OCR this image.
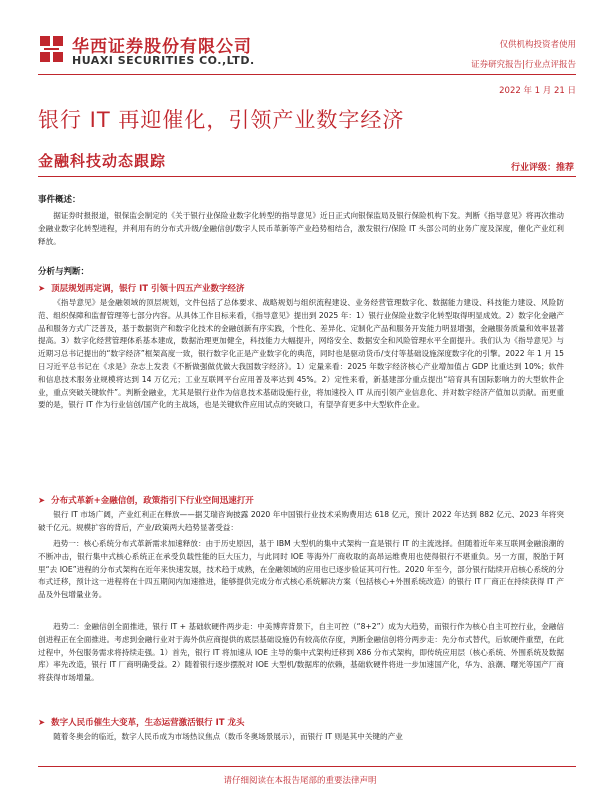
华西证券股份有限公司
HUAXI SECURITIES CO.,LTD.
仅供机构投资者使用
证券研究报告|行业点评报告
2022 年 1 月 21 日
银行 IT 再迎催化，引领产业数字经济
金融科技动态跟踪	行业评级：推荐
事件概述：
据证券时报报道，银保监会制定的《关于银行业保险业数字化转型的指导意见》近日正式向银保监局及银行保险机构下发。判断《指导意见》将再次推动金融业数字化转型进程，并利用有的分布式升级/金融信创/数字人民币革新等产业趋势相结合，激发银行/保险 IT 头部公司的业务广度及深度，催化产业红利释放。
分析与判断：
➤ 顶层规划再定调，银行 IT 引领十四五产业数字经济
《指导意见》是金融领域的顶层规划，文件包括了总体要求、战略规划与组织流程建设、业务经营管理数字化、数据能力建设、科技能力建设、风险防范、组织保障和监督管理等七部分内容。从具体工作目标来看，《指导意见》提出到 2025 年：1）银行业保险业数字化转型取得明显成效。2）数字化金融产品和服务方式广泛普及，基于数据资产和数字化技术的金融创新有序实践，个性化、差异化、定制化产品和服务开发能力明显增强，金融服务质量和效率显著提高。3）数字化经营管理体系基本建成，数据治理更加健全，科技能力大幅提升，网络安全、数据安全和风险管理水平全面提升。我们认为《指导意见》与近期习总书记提出的“数字经济”框架高度一致，银行数字化正是产业数字化的典范，同时也是驱动货币/支付等基础设施深度数字化的引擎。2022 年 1 月 15 日习近平总书记在《求是》杂志上发表《不断做强做优做大我国数字经济》。1）定量来看：2025 年数字经济核心产业增加值占 GDP 比重达到 10%；软件和信息技术服务业规模将达到 14 万亿元；工业互联网平台应用普及率达到 45%。2）定性来看，新基建部分重点提出“培育具有国际影响力的大型软件企业，重点突破关键软件”。判断金融业，尤其是银行业作为信息技术基础设施行业，将加速投入 IT 从而引领产业信息化、并对数字经济产值加以贡献。而更重要的是，银行 IT 作为行业信创/国产化的主战场，也是关键软件应用试点的突破口，有望孕育更多中大型软件企业。
➤ 分布式革新+金融信创，政策指引下行业空间迅速打开
银行 IT 市场广阔，产业红利正在释放——据艾瑞咨询披露 2020 年中国银行业技术采购费用达 618 亿元，预计 2022 年达到 882 亿元、2023 年将突破千亿元。规模扩容的背后，产业/政策两大趋势显著受益：
趋势一：核心系统分布式革新需求加速释放：由于历史原因，基于 IBM 大型机的集中式架构一直是银行 IT 的主流选择。但随着近年来互联网金融浪潮的不断冲击，银行集中式核心系统正在承受负载性能的巨大压力，与此同时 IOE 等海外厂商收取的高昂运维费用也使得银行不堪重负。另一方面，脱胎于阿里“去 IOE”进程的分布式架构在近年来快速发展，技术趋于成熟，在金融领域的应用也已逐步验证其可行性。2020 年至今，部分银行陆续开启核心系统的分布式迁移，预计这一进程将在十四五期间内加速推进，能够提供完成分布式核心系统解决方案（包括核心+外围系统改造）的银行 IT 厂商正在持续获得 IT 产品及外包增量业务。
趋势二：金融信创全面推进，银行 IT + 基础软硬件两步走：中美博弈背景下，自主可控（“8+2”）成为大趋势，而银行作为核心自主可控行业，金融信创进程正在全面推进。考虑到金融行业对于海外供应商提供的底层基础设施仍有较高依存度，判断金融信创将分两步走：先分布式替代，后软硬件重塑，在此过程中，外包服务需求将持续走强。1）首先，银行 IT 将加速从 IOE 主导的集中式架构迁移到 X86 分布式架构，即传统应用层（核心系统、外围系统及数据库）率先改造，银行 IT 厂商明确受益。2）随着银行逐步摆脱对 IOE 大型机/数据库的依赖，基础软硬件将进一步加速国产化，华为、浪潮、曙光等国产厂商将获得市场增量。
➤ 数字人民币催生大变革，生态运营激活银行 IT 龙头
随着冬奥会的临近，数字人民币成为市场热议焦点（数币冬奥场景展示），而银行 IT 则是其中关键的产业
请仔细阅读在本报告尾部的重要法律声明
